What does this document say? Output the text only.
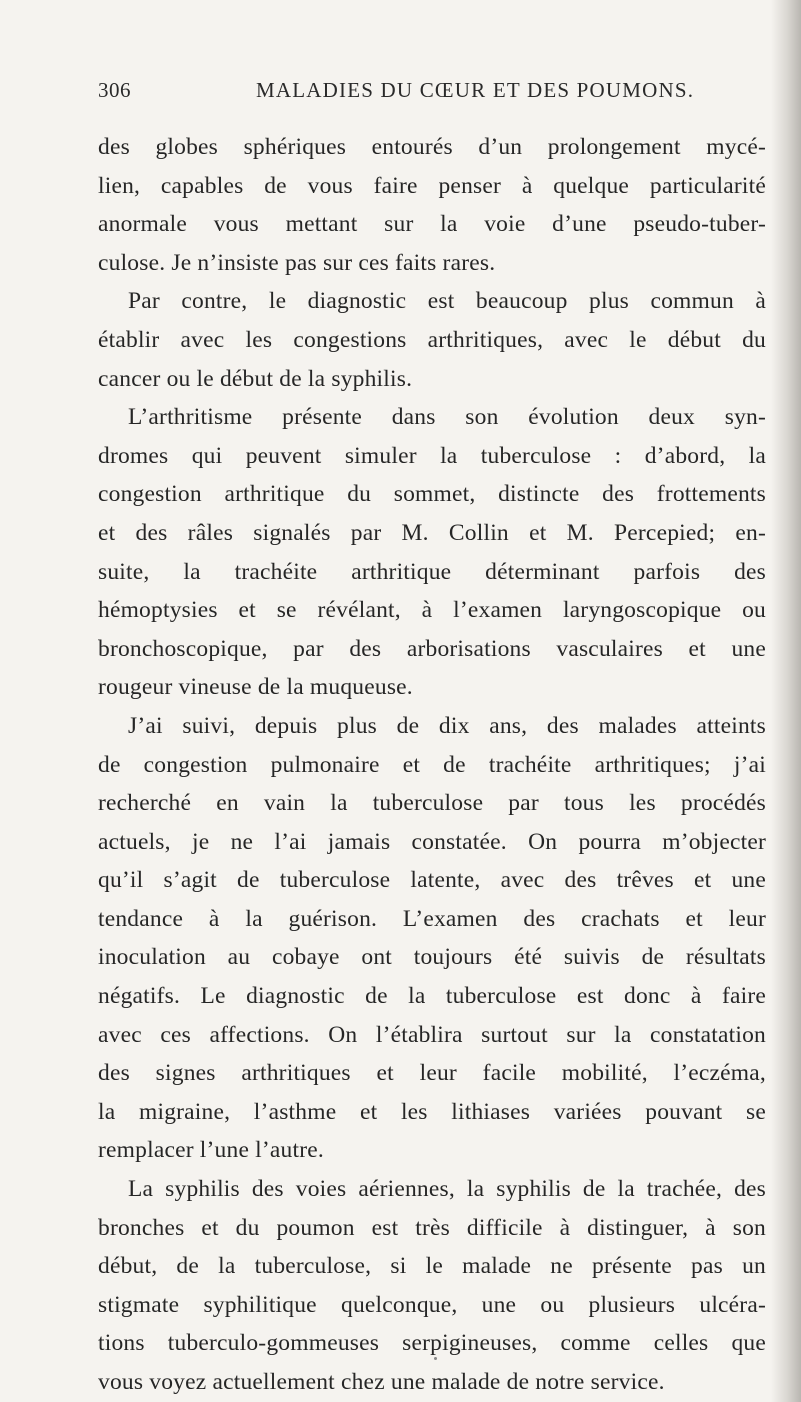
306	MALADIES DU CŒUR ET DES POUMONS.
des globes sphériques entourés d’un prolongement mycé-
lien, capables de vous faire penser à quelque particularité
anormale vous mettant sur la voie d’une pseudo-tuber-
culose. Je n’insiste pas sur ces faits rares.
Par contre, le diagnostic est beaucoup plus commun à
établir avec les congestions arthritiques, avec le début du
cancer ou le début de la syphilis.
L’arthritisme présente dans son évolution deux syn-
dromes qui peuvent simuler la tuberculose : d’abord, la
congestion arthritique du sommet, distincte des frottements
et des râles signalés par M. Collin et M. Percepied; en-
suite, la trachéite arthritique déterminant parfois des
hémoptysies et se révélant, à l’examen laryngoscopique ou
bronchoscopique, par des arborisations vasculaires et une
rougeur vineuse de la muqueuse.
J’ai suivi, depuis plus de dix ans, des malades atteints
de congestion pulmonaire et de trachéite arthritiques; j’ai
recherché en vain la tuberculose par tous les procédés
actuels, je ne l’ai jamais constatée. On pourra m’objecter
qu’il s’agit de tuberculose latente, avec des trêves et une
tendance à la guérison. L’examen des crachats et leur
inoculation au cobaye ont toujours été suivis de résultats
négatifs. Le diagnostic de la tuberculose est donc à faire
avec ces affections. On l’établira surtout sur la constatation
des signes arthritiques et leur facile mobilité, l’eczéma,
la migraine, l’asthme et les lithiases variées pouvant se
remplacer l’une l’autre.
La syphilis des voies aériennes, la syphilis de la trachée, des
bronches et du poumon est très difficile à distinguer, à son
début, de la tuberculose, si le malade ne présente pas un
stigmate syphilitique quelconque, une ou plusieurs ulcéra-
tions tuberculo-gommeuses serpigineuses, comme celles que
vous voyez actuellement chez une malade de notre service.
